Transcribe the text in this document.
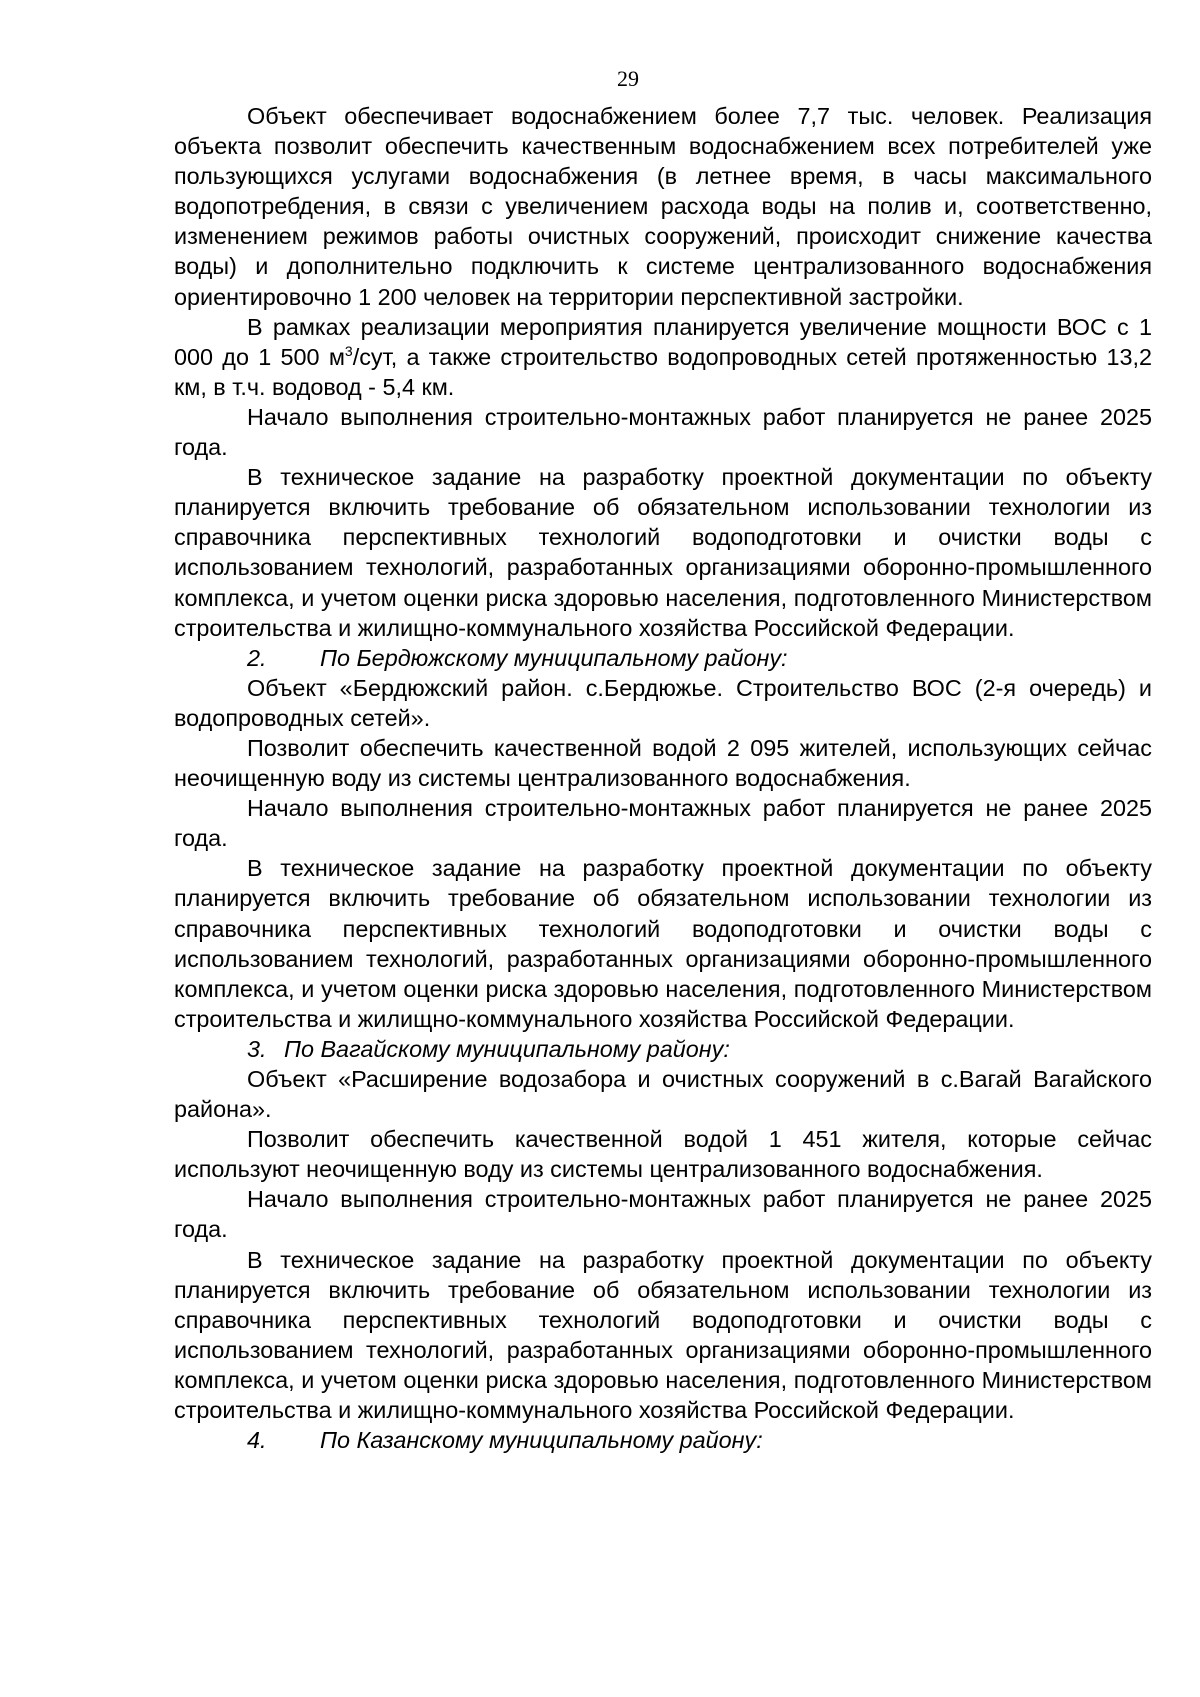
29

Объект обеспечивает водоснабжением более 7,7 тыс. человек. Реализация объекта позволит обеспечить качественным водоснабжением всех потребителей уже пользующихся услугами водоснабжения (в летнее время, в часы максимального водопотребдения, в связи с увеличением расхода воды на полив и, соответственно, изменением режимов работы очистных сооружений, происходит снижение качества воды) и дополнительно подключить к системе централизованного водоснабжения ориентировочно 1 200 человек на территории перспективной застройки.

В рамках реализации мероприятия планируется увеличение мощности ВОС с 1 000 до 1 500 $м^3$/сут, а также строительство водопроводных сетей протяженностью 13,2 км, в т.ч. водовод - 5,4 км.

Начало выполнения строительно-монтажных работ планируется не ранее 2025 года.

В техническое задание на разработку проектной документации по объекту планируется включить требование об обязательном использовании технологии из справочника перспективных технологий водоподготовки и очистки воды с использованием технологий, разработанных организациями оборонно-промышленного комплекса, и учетом оценки риска здоровью населения, подготовленного Министерством строительства и жилищно-коммунального хозяйства Российской Федерации.

2. По Бердюжскому муниципальному району:

Объект «Бердюжский район. с.Бердюжье. Строительство ВОС (2-я очередь) и водопроводных сетей».

Позволит обеспечить качественной водой 2 095 жителей, использующих сейчас неочищенную воду из системы централизованного водоснабжения.

Начало выполнения строительно-монтажных работ планируется не ранее 2025 года.

В техническое задание на разработку проектной документации по объекту планируется включить требование об обязательном использовании технологии из справочника перспективных технологий водоподготовки и очистки воды с использованием технологий, разработанных организациями оборонно-промышленного комплекса, и учетом оценки риска здоровью населения, подготовленного Министерством строительства и жилищно-коммунального хозяйства Российской Федерации.

3. По Вагайскому муниципальному району:

Объект «Расширение водозабора и очистных сооружений в с.Вагай Вагайского района».

Позволит обеспечить качественной водой 1 451 жителя, которые сейчас используют неочищенную воду из системы централизованного водоснабжения.

Начало выполнения строительно-монтажных работ планируется не ранее 2025 года.

В техническое задание на разработку проектной документации по объекту планируется включить требование об обязательном использовании технологии из справочника перспективных технологий водоподготовки и очистки воды с использованием технологий, разработанных организациями оборонно-промышленного комплекса, и учетом оценки риска здоровью населения, подготовленного Министерством строительства и жилищно-коммунального хозяйства Российской Федерации.

4. По Казанскому муниципальному району:
